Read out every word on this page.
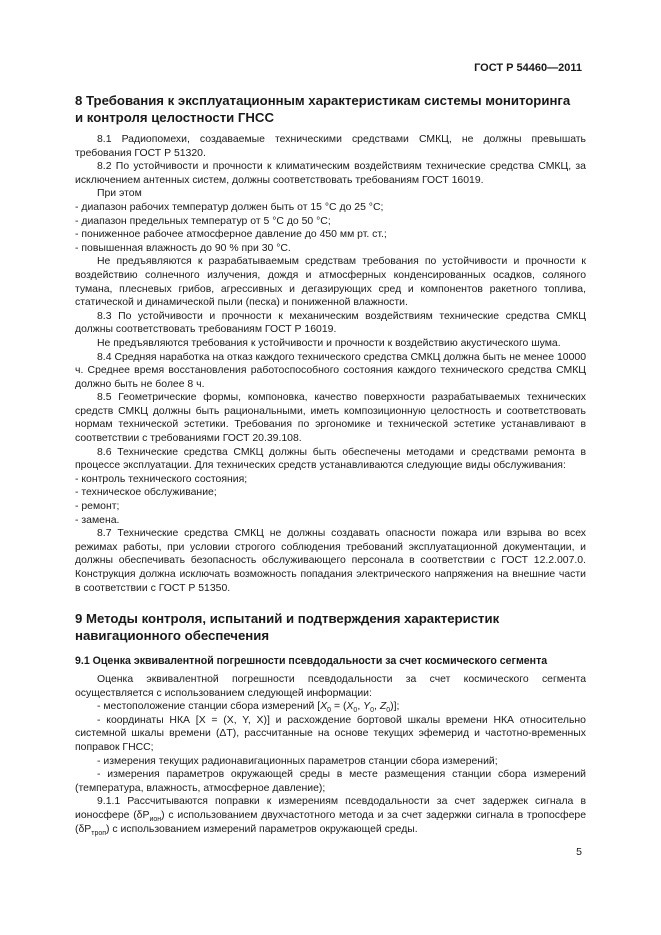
ГОСТ Р 54460—2011
8 Требования к эксплуатационным характеристикам системы мониторинга
и контроля целостности ГНСС

8.1 Радиопомехи, создаваемые техническими средствами СМКЦ, не должны превышать требования ГОСТ Р 51320.

8.2 По устойчивости и прочности к климатическим воздействиям технические средства СМКЦ, за исключением антенных систем, должны соответствовать требованиям ГОСТ 16019.

При этом

- диапазон рабочих температур должен быть от 15 °С до 25 °С;

- диапазон предельных температур от 5 °С до 50 °С;

- пониженное рабочее атмосферное давление до 450 мм рт. ст.;

- повышенная влажность до 90 % при 30 °С.

Не предъявляются к разрабатываемым средствам требования по устойчивости и прочности к воздействию солнечного излучения, дождя и атмосферных конденсированных осадков, соляного тумана, плесневых грибов, агрессивных и дегазирующих сред и компонентов ракетного топлива, статической и динамической пыли (песка) и пониженной влажности.

8.3 По устойчивости и прочности к механическим воздействиям технические средства СМКЦ должны соответствовать требованиям ГОСТ Р 16019.

Не предъявляются требования к устойчивости и прочности к воздействию акустического шума.

8.4 Средняя наработка на отказ каждого технического средства СМКЦ должна быть не менее 10000 ч. Среднее время восстановления работоспособного состояния каждого технического средства СМКЦ должно быть не более 8 ч.

8.5 Геометрические формы, компоновка, качество поверхности разрабатываемых технических средств СМКЦ должны быть рациональными, иметь композиционную целостность и соответствовать нормам технической эстетики. Требования по эргономике и технической эстетике устанавливают в соответствии с требованиями ГОСТ 20.39.108.

8.6 Технические средства СМКЦ должны быть обеспечены методами и средствами ремонта в процессе эксплуатации. Для технических средств устанавливаются следующие виды обслуживания:

- контроль технического состояния;

- техническое обслуживание;

- ремонт;

- замена.

8.7 Технические средства СМКЦ не должны создавать опасности пожара или взрыва во всех режимах работы, при условии строгого соблюдения требований эксплуатационной документации, и должны обеспечивать безопасность обслуживающего персонала в соответствии с ГОСТ 12.2.007.0. Конструкция должна исключать возможность попадания электрического напряжения на внешние части в соответствии с ГОСТ Р 51350.

9 Методы контроля, испытаний и подтверждения характеристик
навигационного обеспечения
9.1 Оценка эквивалентной погрешности псевдодальности за счет космического сегмента

Оценка эквивалентной погрешности псевдодальности за счет космического сегмента осуществляется с использованием следующей информации:

- местоположение станции сбора измерений [$X_0 = (X_0$, $Y_0$, $Z_0$)];

- координаты НКА [X = (X, Y, X)] и расхождение бортовой шкалы времени НКА относительно системной шкалы времени (ΔT), рассчитанные на основе текущих эфемерид и частотно-временных поправок ГНСС;

- измерения текущих радионавигационных параметров станции сбора измерений;

- измерения параметров окружающей среды в месте размещения станции сбора измерений (температура, влажность, атмосферное давление);

9.1.1 Рассчитываются поправки к измерениям псевдодальности за счет задержек сигнала в ионосфере $(\delta P_{ион})$ с использованием двухчастотного метода и за счет задержки сигнала в тропосфере $(\delta P_{троп})$ с использованием измерений параметров окружающей среды.

5
